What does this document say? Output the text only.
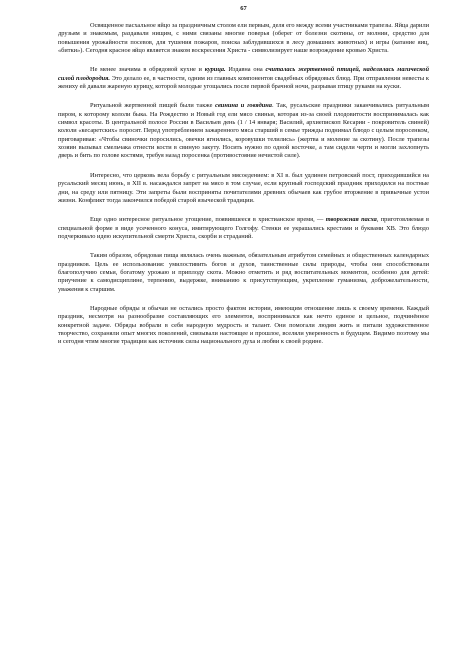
67

Освященное пасхальное яйцо за праздничным столом ели первым, деля его между всеми участниками трапезы. Яйца дарили друзьям и знакомым, раздавали нищим, с ними связаны многие поверья (оберег от болезни скотины, от молнии, средство для повышения урожайности посевов, для тушения пожаров, поиска заблудившихся в лесу домашних животных) и игры (катание яиц, «битки»). Сегодня красное яйцо является знаком воскресения Христа - символизирует наше возрождение кровью Христа.

Не менее значима в обрядовой кухне и курица. Издавна она считалась жертвенной птицей, наделялась магической силой плодородия. Это делало ее, в частности, одним из главных компонентов свадебных обрядовых блюд. При отправлении невесты к жениху ей давали жареную курицу, которой молодые угощались после первой брачной ночи, разрывая птицу руками на куски.

Ритуальной жертвенной пищей были также свинина и говядина. Так, русальские праздники заканчивались ритуальным пиром, к которому кололи быка. На Рождество и Новый год ели мясо свиньи, которая из-за своей плодовитости воспринималась как символ красоты. В центральной полосе России в Васильев день (1 / 14 января; Василий, архиепископ Кесарии - покровитель свиней) кололи «кесаретских» поросят. Перед употреблением зажаренного мяса старший в семье трижды поднимал блюдо с целым поросенком, приговаривая: «Чтобы свиночки поросились, овечки ягнились, коровушки телились» (жертва и моление за скотину). После трапезы хозяин вызывал смельчака отнести кости в свиную закуту. Носить нужно по одной косточке, а там сидели черти и могли захлопнуть дверь и бить по голове костями, требуя назад поросенка (противостояние нечистой силе).

Интересно, что церковь вела борьбу с ритуальным мясоедением: в XI в. был удлинен петровский пост, приходившийся на русальский месяц июнь, в XII в. насаждался запрет на мясо в том случае, если крупный господский праздник приходился на постные дни, на среду или пятницу. Эти запреты были восприняты почитателями древних обычаев как грубое вторжение в привычные устои жизни. Конфликт тогда закончился победой старой языческой традиции.

Еще одно интересное ритуальное угощение, появившееся в христианское время, — творожная пасха, приготовляемая в специальной форме в виде усеченного конуса, имитирующего Голгофу. Стенки ее украшались крестами и буквами ХВ. Это блюдо подчеркивало идею искупительной смерти Христа, скорби и страданий.

Таким образом, обрядовая пища являлась очень важным, обязательным атрибутом семейных и общественных календарных праздников. Цель ее использования: умилостивить богов и духов, таинственные силы природы, чтобы они способствовали благополучию семьи, богатому урожаю и приплоду скота. Можно отметить и ряд воспитательных моментов, особенно для детей: приучение к самодисциплине, терпению, выдержке, вниманию к присутствующим, укрепление гуманизма, доброжелательности, уважения к старшим.

Народные обряды и обычаи не остались просто фактом истории, имеющим отношение лишь к своему времени. Каждый праздник, несмотря на разнообразие составляющих его элементов, воспринимался как нечто единое и цельное, подчинённое конкретной задаче. Обряды вобрали в себя народную мудрость и талант. Они помогали людям жить и питали художественное творчество, сохраняли опыт многих поколений, связывали настоящее и прошлое, вселяли уверенность в будущем. Видимо поэтому мы и сегодня чтим многие традиции как источник силы национального духа и любви к своей родине.
